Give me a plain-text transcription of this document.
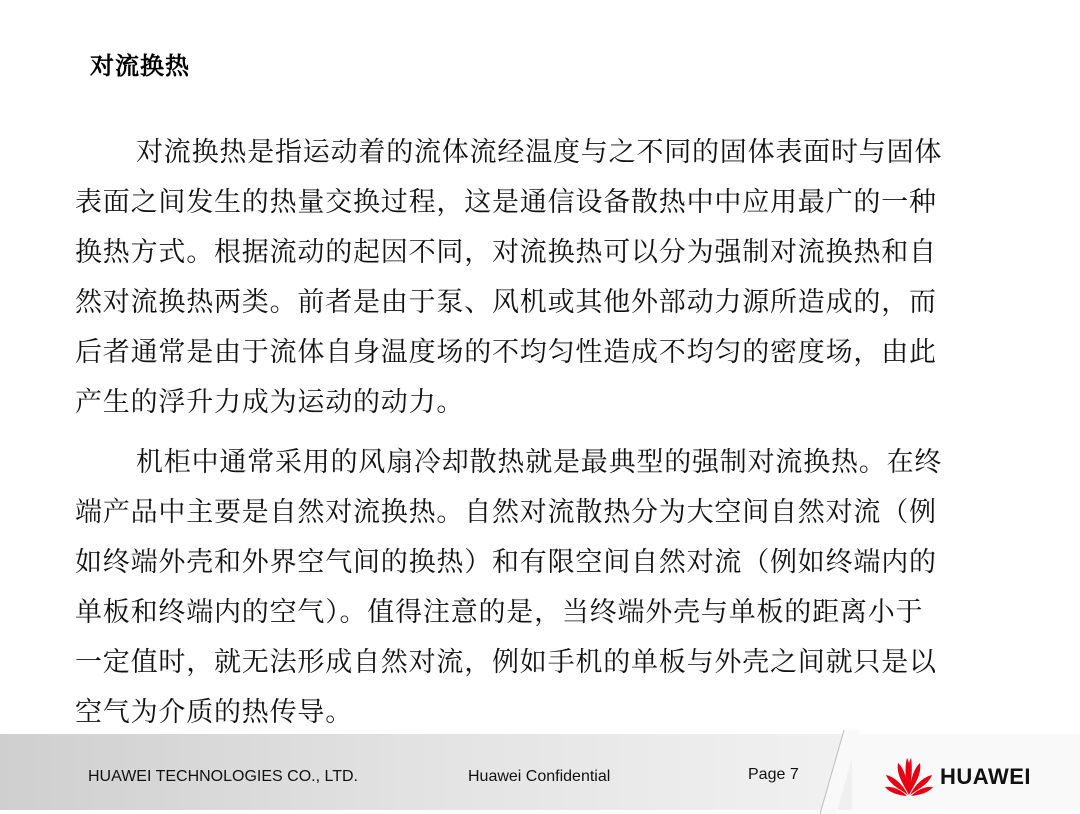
对流换热
对流换热是指运动着的流体流经温度与之不同的固体表面时与固体
表面之间发生的热量交换过程，这是通信设备散热中中应用最广的一种
换热方式。根据流动的起因不同，对流换热可以分为强制对流换热和自
然对流换热两类。前者是由于泵、风机或其他外部动力源所造成的，而
后者通常是由于流体自身温度场的不均匀性造成不均匀的密度场，由此
产生的浮升力成为运动的动力。
机柜中通常采用的风扇冷却散热就是最典型的强制对流换热。在终
端产品中主要是自然对流换热。自然对流散热分为大空间自然对流（例
如终端外壳和外界空气间的换热）和有限空间自然对流（例如终端内的
单板和终端内的空气）。值得注意的是，当终端外壳与单板的距离小于
一定值时，就无法形成自然对流，例如手机的单板与外壳之间就只是以
空气为介质的热传导。
HUAWEI TECHNOLOGIES CO., LTD.	Huawei Confidential	Page 7	HUAWEI
